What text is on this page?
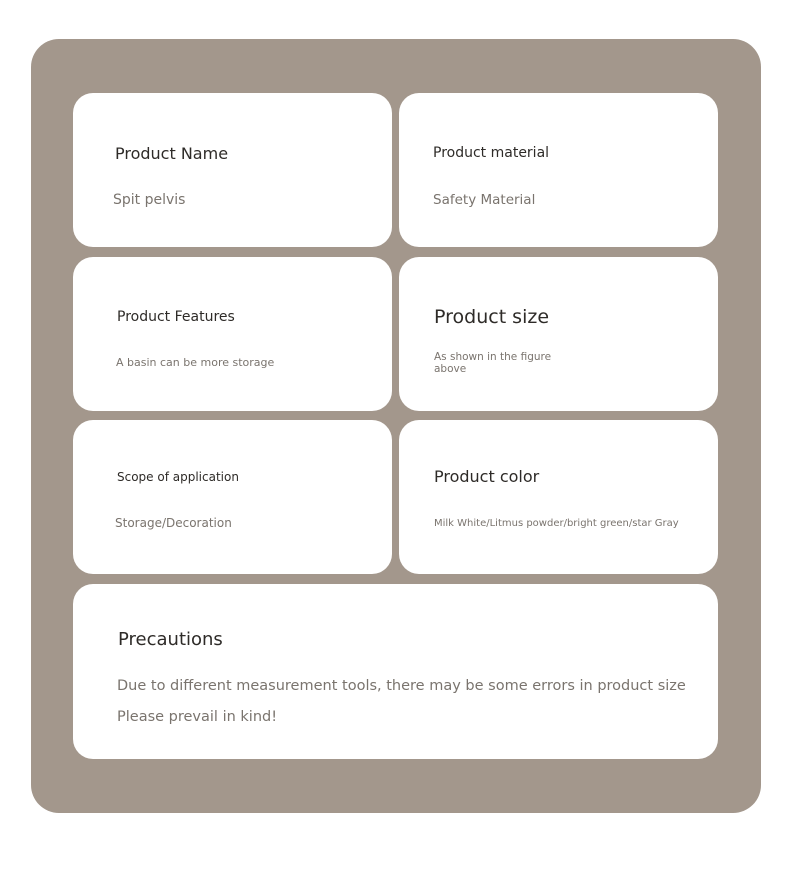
Product Name
Spit pelvis
Product material
Safety Material
Product Features
A basin can be more storage
Product size
As shown in the figure
above
Scope of application
Storage/Decoration
Product color
Milk White/Litmus powder/bright green/star Gray
Precautions
Due to different measurement tools, there may be some errors in product size
Please prevail in kind!
